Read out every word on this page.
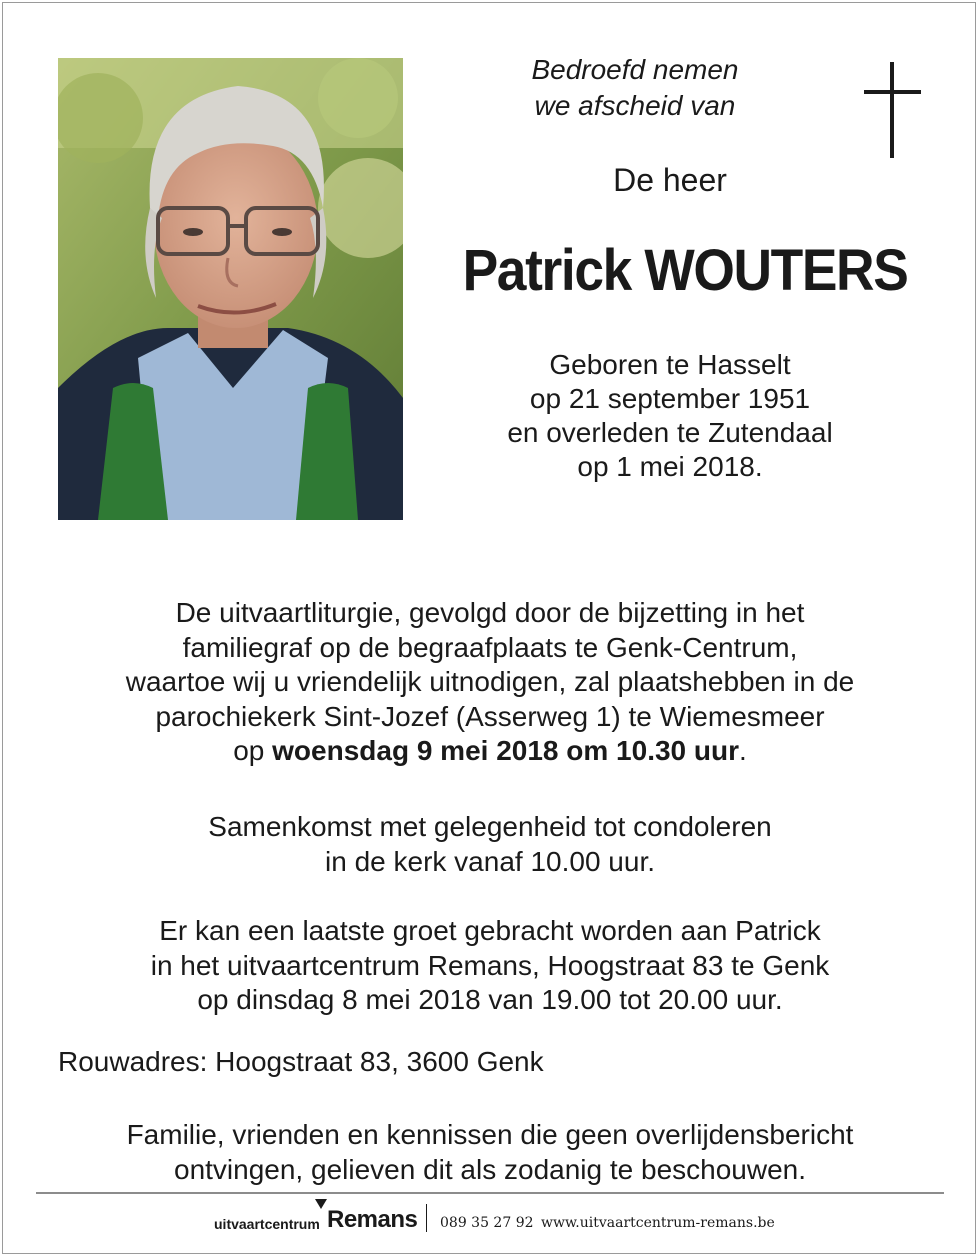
Bedroefd nemen
we afscheid van
De heer
Patrick WOUTERS
Geboren te Hasselt
op 21 september 1951
en overleden te Zutendaal
op 1 mei 2018.
De uitvaartliturgie, gevolgd door de bijzetting in het
familiegraf op de begraafplaats te Genk-Centrum,
waartoe wij u vriendelijk uitnodigen, zal plaatshebben in de
parochiekerk Sint-Jozef (Asserweg 1) te Wiemesmeer
op woensdag 9 mei 2018 om 10.30 uur.
Samenkomst met gelegenheid tot condoleren
in de kerk vanaf 10.00 uur.
Er kan een laatste groet gebracht worden aan Patrick
in het uitvaartcentrum Remans, Hoogstraat 83 te Genk
op dinsdag 8 mei 2018 van 19.00 tot 20.00 uur.
Rouwadres: Hoogstraat 83, 3600 Genk
Familie, vrienden en kennissen die geen overlijdensbericht
ontvingen, gelieven dit als zodanig te beschouwen.
uitvaartcentrum Remans 089 35 27 92 www.uitvaartcentrum-remans.be
